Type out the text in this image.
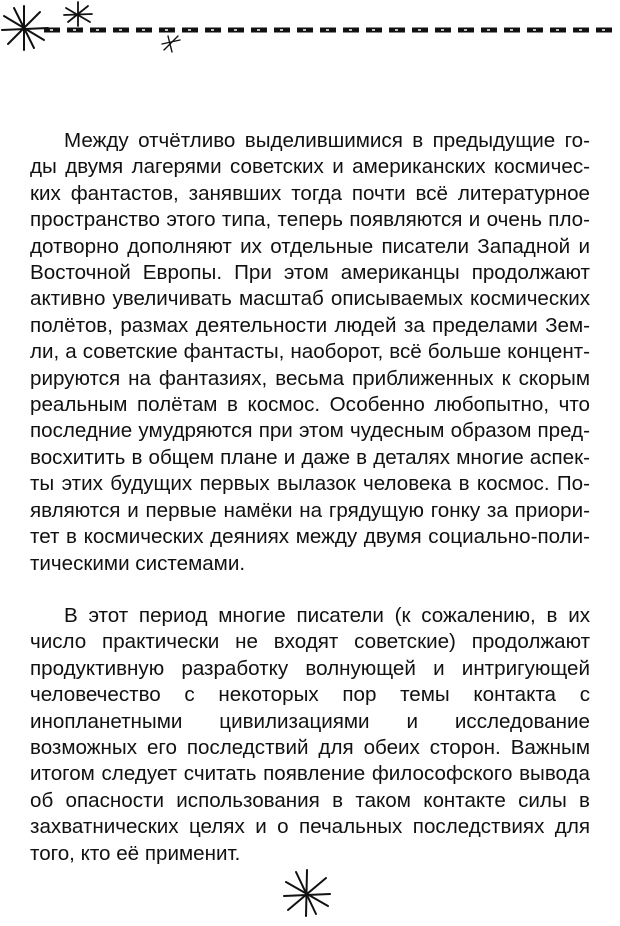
Между отчётливо выделившимися в предыдущие годы двумя лагерями советских и американских космических фантастов, занявших тогда почти всё литературное пространство этого типа, теперь появляются и очень плодотворно дополняют их отдельные писатели Западной и Восточной Европы. При этом американцы продолжают активно увеличивать масштаб описываемых космических полётов, размах деятельности людей за пределами Земли, а советские фантасты, наоборот, всё больше концентрируются на фантазиях, весьма приближенных к скорым реальным полётам в космос. Особенно любопытно, что последние умудряются при этом чудесным образом предвосхитить в общем плане и даже в деталях многие аспекты этих будущих первых вылазок человека в космос. Появляются и первые намёки на грядущую гонку за приоритет в космических деяниях между двумя социально-политическими системами.

В этот период многие писатели (к сожалению, в их число практически не входят советские) продолжают продуктивную разработку волнующей и интригующей человечество с некоторых пор темы контакта с инопланетными цивилизациями и исследование возможных его последствий для обеих сторон. Важным итогом следует считать появление философского вывода об опасности использования в таком контакте силы в захватнических целях и о печальных последствиях для того, кто её применит.
